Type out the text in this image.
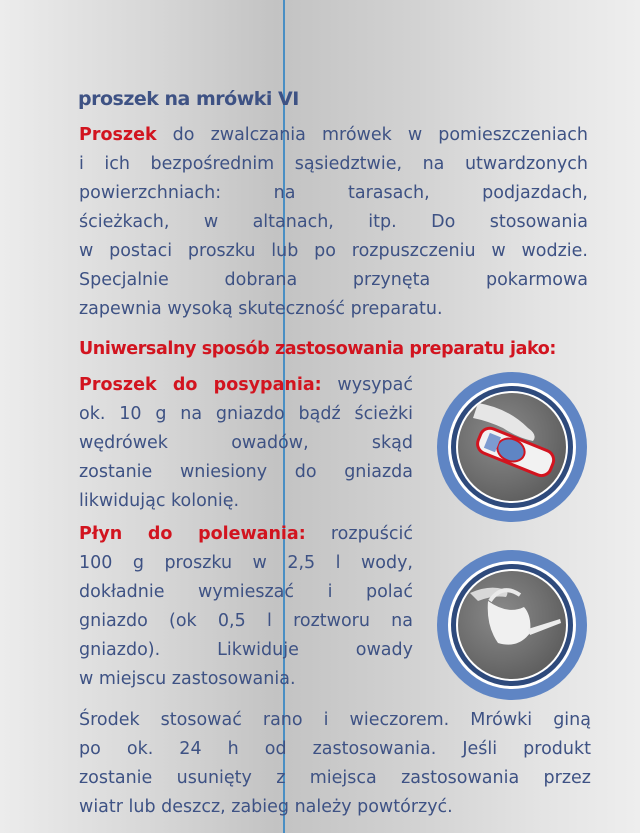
proszek na mrówki VI
Proszek do zwalczania mrówek w pomieszczeniach
i ich bezpośrednim sąsiedztwie, na utwardzonych
powierzchniach: na tarasach, podjazdach,
ścieżkach, w altanach, itp. Do stosowania
w postaci proszku lub po rozpuszczeniu w wodzie.
Specjalnie dobrana przynęta pokarmowa
zapewnia wysoką skuteczność preparatu.
Uniwersalny sposób zastosowania preparatu jako:
Proszek do posypania: wysypać
ok. 10 g na gniazdo bądź ścieżki
wędrówek owadów, skąd
zostanie wniesiony do gniazda
likwidując kolonię.
Płyn do polewania: rozpuścić
100 g proszku w 2,5 l wody,
dokładnie wymieszać i polać
gniazdo (ok 0,5 l roztworu na
gniazdo). Likwiduje owady
w miejscu zastosowania.
Środek stosować rano i wieczorem. Mrówki giną
po ok. 24 h od zastosowania. Jeśli produkt
zostanie usunięty z miejsca zastosowania przez
wiatr lub deszcz, zabieg należy powtórzyć.
